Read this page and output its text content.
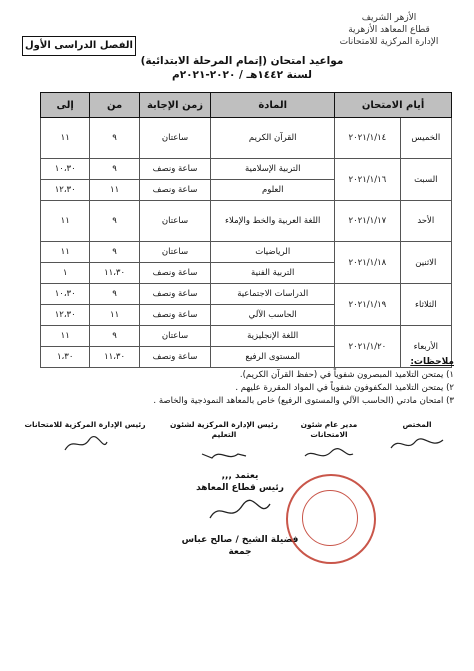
الأزهر الشريف
قطاع المعاهد الأزهرية
الإدارة المركزية للامتحانات
الفصل الدراسى الأول
مواعيد امتحان (إتمام المرحلة الابتدائية)
لسنة ١٤٤٢هـ / ٢٠٢٠-٢٠٢١م
أيام الامتحان		المادة	زمن الإجابة	من	إلى
الخميس	٢٠٢١/١/١٤	القرآن الكريم	ساعتان	٩	١١
السبت	٢٠٢١/١/١٦	التربية الإسلامية	ساعة ونصف	٩	١٠،٣٠
		العلوم	ساعة ونصف	١١	١٢،٣٠
الأحد	٢٠٢١/١/١٧	اللغة العربية والخط والإملاء	ساعتان	٩	١١
الاثنين	٢٠٢١/١/١٨	الرياضيات	ساعتان	٩	١١
		التربية الفنية	ساعة ونصف	١١،٣٠	١
الثلاثاء	٢٠٢١/١/١٩	الدراسات الاجتماعية	ساعة ونصف	٩	١٠،٣٠
		الحاسب الآلي	ساعة ونصف	١١	١٢،٣٠
الأربعاء	٢٠٢١/١/٢٠	اللغة الإنجليزية	ساعتان	٩	١١
		المستوى الرفيع	ساعة ونصف	١١،٣٠	١،٣٠	ملاحظات:
١) يمتحن التلاميذ المبصرون شفوياً في (حفظ القرآن الكريم).
٢) يمتحن التلاميذ المكفوفون شفوياً في المواد المقررة عليهم .
٣) امتحان مادتي (الحاسب الآلي والمستوى الرفيع) خاص بالمعاهد النموذجية والخاصة .
المختص
مدير عام شئون الامتحانات
رئيس الإدارة المركزية لشئون التعليم
رئيس الإدارة المركزية للامتحانات
يعتمد ,,,
رئيس قطاع المعاهد
فضيلة الشيخ / صالح عباس جمعة
